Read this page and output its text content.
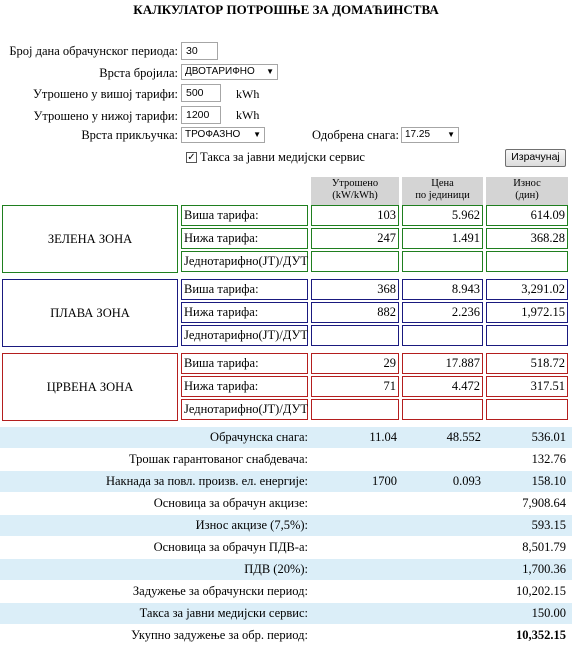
КАЛКУЛАТОР ПОТРОШЊЕ ЗА ДОМАЋИНСТВА
Број дана обрачунског периода: 30
Врста бројила: ДВОТАРИФНО ▼
Утрошено у вишој тарифи: 500	kWh
Утрошено у нижој тарифи: 1200	kWh
Врста прикључка: ТРОФАЗНО ▼	Одобрена снага: 17.25 ▼
✓ Такса за јавни медијски сервис	Израчунај
Утрошено
(kW/kWh)
Цена
по јединици
Износ
(дин)
ЗЕЛЕНА ЗОНА
Виша тарифа:	103	5.962	614.09
Нижа тарифа:	247	1.491	368.28
Једнотарифно(ЈТ)/ДУТ
ПЛАВА ЗОНА
Виша тарифа:	368	8.943	3,291.02
Нижа тарифа:	882	2.236	1,972.15
Једнотарифно(ЈТ)/ДУТ
ЦРВЕНА ЗОНА
Виша тарифа:	29	17.887	518.72
Нижа тарифа:	71	4.472	317.51
Једнотарифно(ЈТ)/ДУТ
Обрачунска снага:	11.04	48.552	536.01
Трошак гарантованог снабдевача:	132.76
Накнада за повл. произв. ел. енергије:	1700	0.093	158.10
Основица за обрачун акцизе:	7,908.64
Износ акцизе (7,5%):	593.15
Основица за обрачун ПДВ-а:	8,501.79
ПДВ (20%):	1,700.36
Задужење за обрачунски период:	10,202.15
Такса за јавни медијски сервис:	150.00
Укупно задужење за обр. период:	10,352.15
